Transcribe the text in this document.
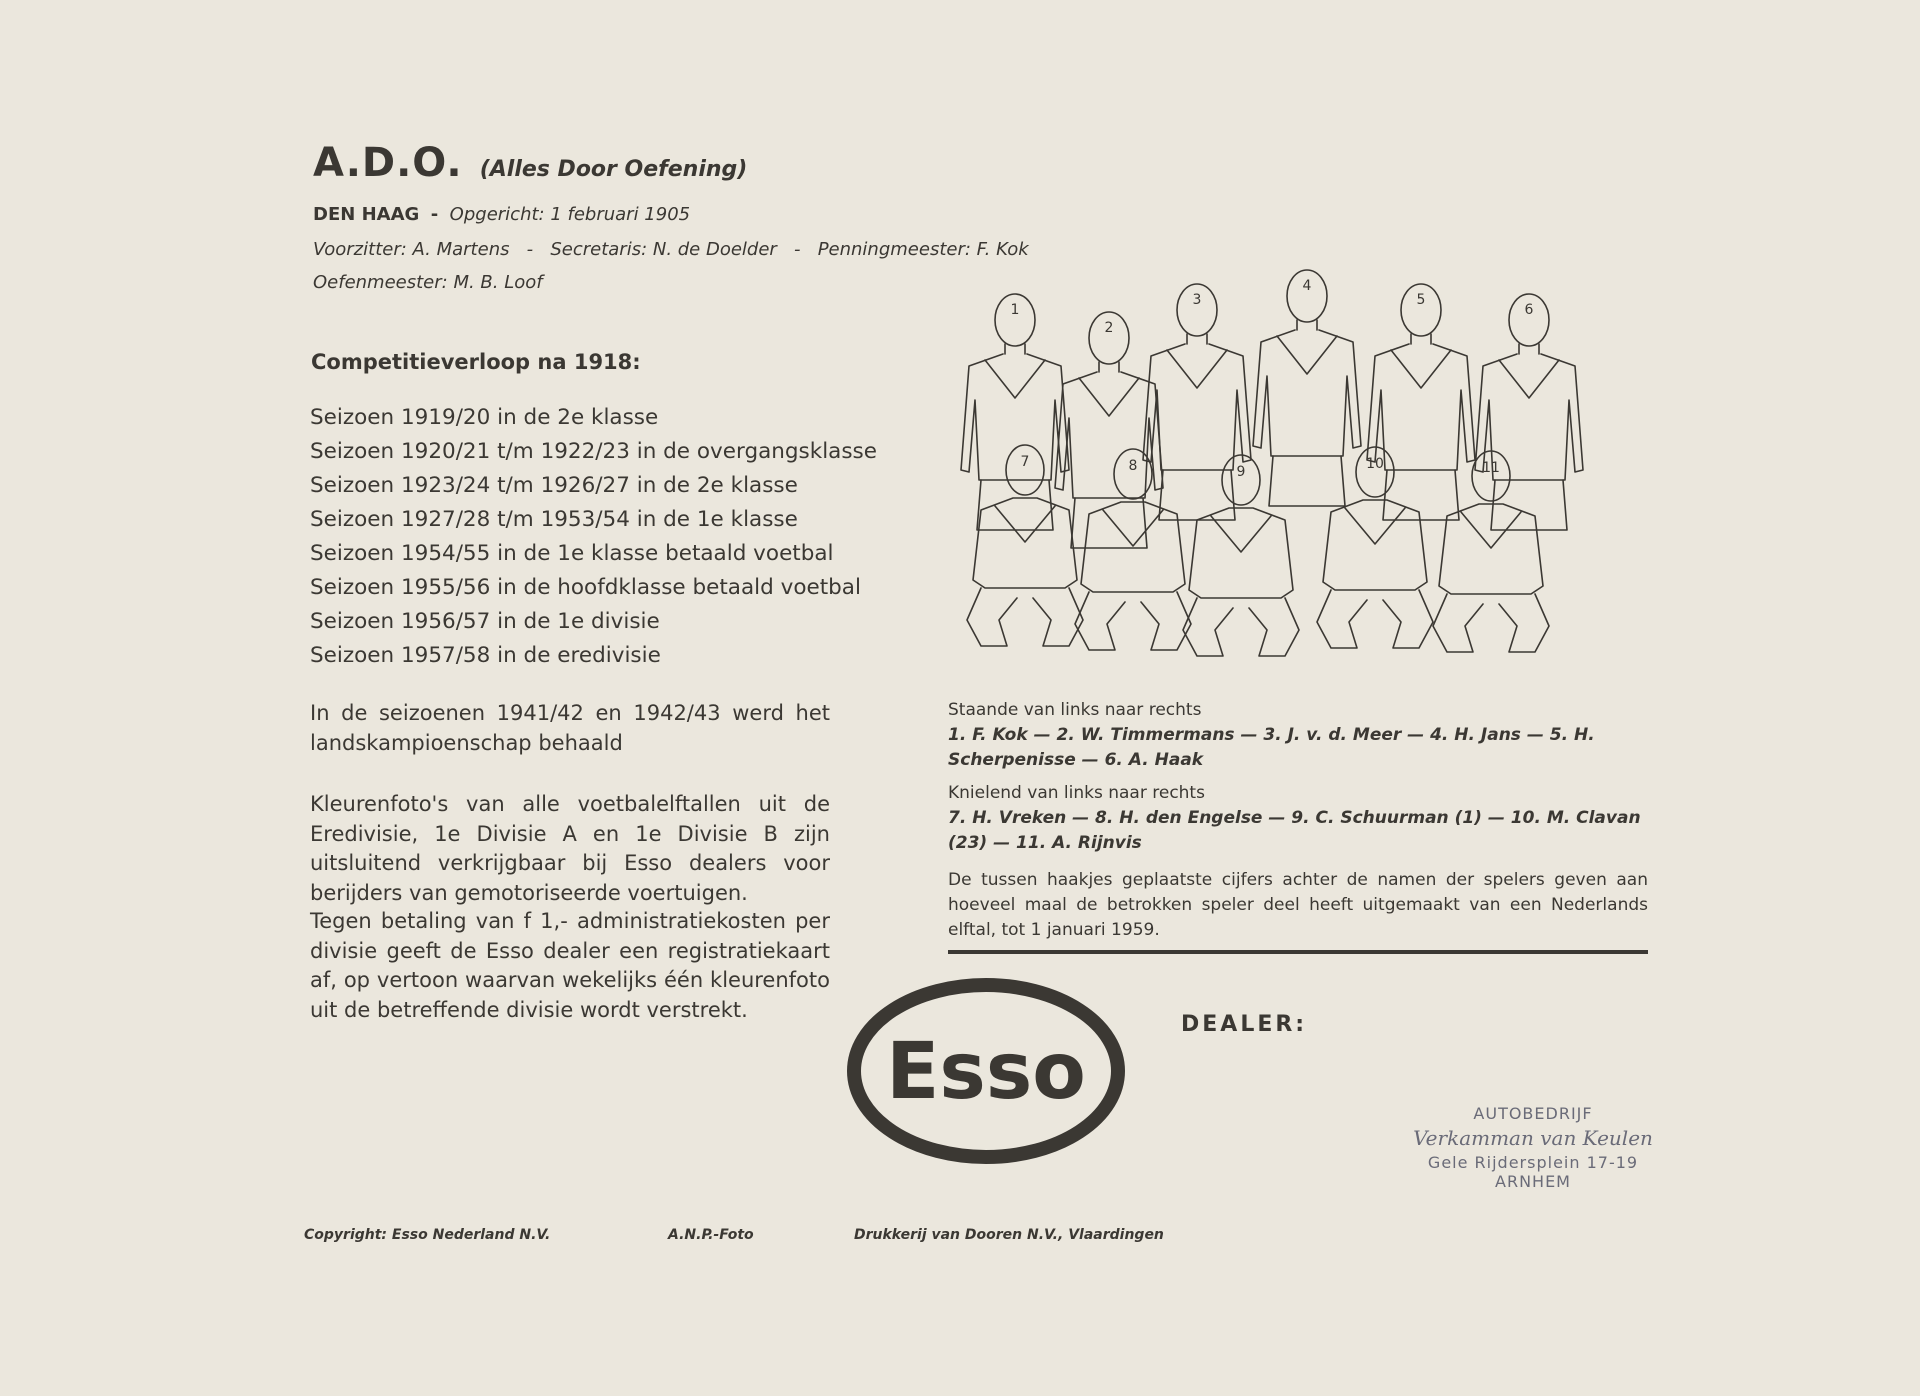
A.D.O. (Alles Door Oefening)
DEN HAAG - Opgericht: 1 februari 1905
Voorzitter: A. Martens - Secretaris: N. de Doelder - Penningmeester: F. Kok
Oefenmeester: M. B. Loof
Competitieverloop na 1918:
Seizoen 1919/20 in de 2e klasse
Seizoen 1920/21 t/m 1922/23 in de overgangsklasse
Seizoen 1923/24 t/m 1926/27 in de 2e klasse
Seizoen 1927/28 t/m 1953/54 in de 1e klasse
Seizoen 1954/55 in de 1e klasse betaald voetbal
Seizoen 1955/56 in de hoofdklasse betaald voetbal
Seizoen 1956/57 in de 1e divisie
Seizoen 1957/58 in de eredivisie
In de seizoenen 1941/42 en 1942/43 werd het landskampioenschap behaald
Kleurenfoto's van alle voetbalelftallen uit de Eredivisie, 1e Divisie A en 1e Divisie B zijn uitsluitend verkrijgbaar bij Esso dealers voor berijders van gemotoriseerde voertuigen.
Tegen betaling van f 1,- administratiekosten per divisie geeft de Esso dealer een registratiekaart af, op vertoon waarvan wekelijks één kleurenfoto uit de betreffende divisie wordt verstrekt.
1
2
3
4
5
6
7	8	9	10	11
Staande van links naar rechts
1. F. Kok — 2. W. Timmermans — 3. J. v. d. Meer — 4. H. Jans — 5. H. Scherpenisse — 6. A. Haak
Knielend van links naar rechts
7. H. Vreken — 8. H. den Engelse — 9. C. Schuurman (1) — 10. M. Clavan (23) — 11. A. Rijnvis
De tussen haakjes geplaatste cijfers achter de namen der spelers geven aan hoeveel maal de betrokken speler deel heeft uitgemaakt van een Nederlands elftal, tot 1 januari 1959.
Esso
DEALER:
AUTOBEDRIJF
Verkamman van Keulen
Gele Rijdersplein 17-19
ARNHEM
Copyright: Esso Nederland N.V.	A.N.P.-Foto	Drukkerij van Dooren N.V., Vlaardingen
